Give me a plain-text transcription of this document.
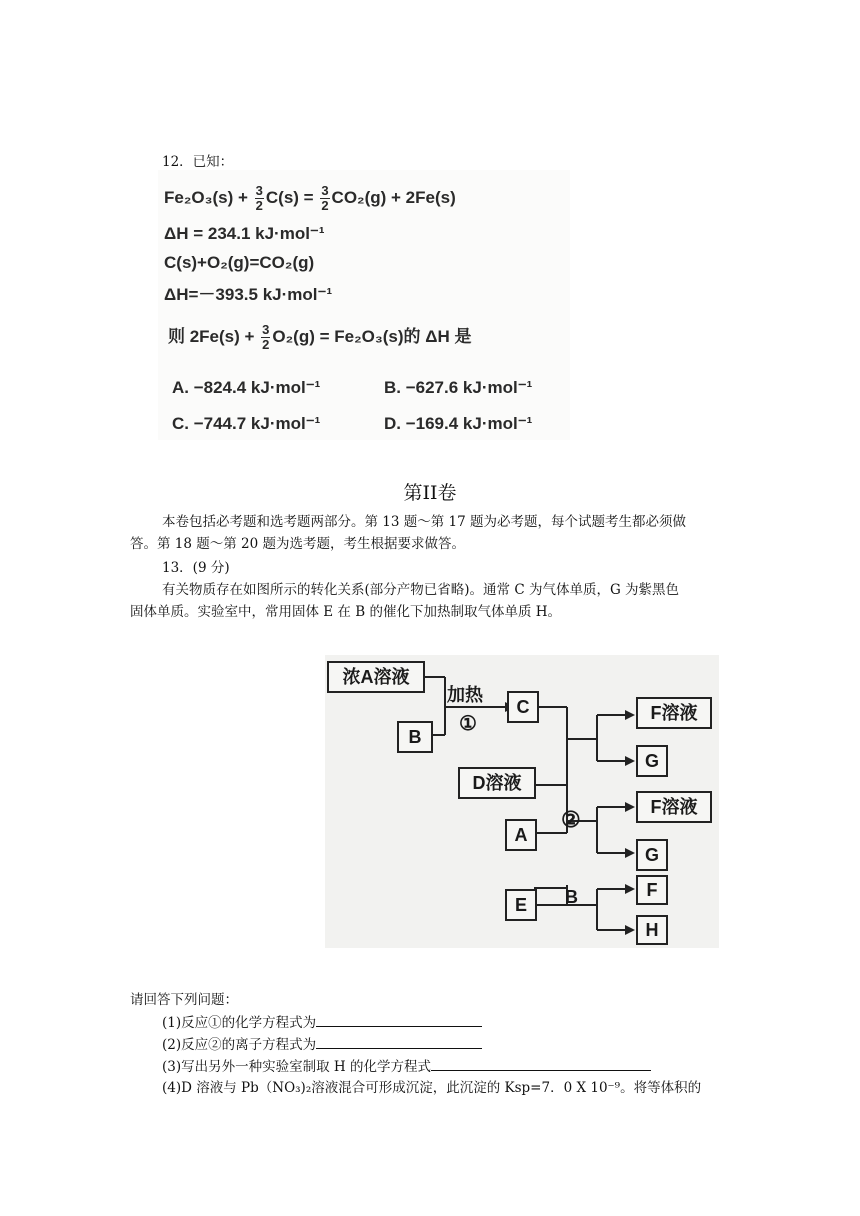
12．已知：
$Fe_2O_3(s) + \frac{3}{2} C(s) = \frac{3}{2} CO_2(g) + 2Fe(s)$
ΔH = 234.1 kJ·mol⁻¹
C(s)+O₂(g)=CO₂(g)
ΔH=－393.5 kJ·mol⁻¹
则 $2Fe(s) + \frac{3}{2} O_2(g) = Fe_2O_3(s)$的 ΔH 是
A. −824.4 kJ·mol⁻¹	B. −627.6 kJ·mol⁻¹
C. −744.7 kJ·mol⁻¹	D. −169.4 kJ·mol⁻¹
第II卷
本卷包括必考题和选考题两部分。第 13 题～第 17 题为必考题，每个试题考生都必须做
答。第 18 题～第 20 题为选考题，考生根据要求做答。
13．(9 分)
有关物质存在如图所示的转化关系(部分产物已省略)。通常 C 为气体单质，G 为紫黑色
固体单质。实验室中，常用固体 E 在 B 的催化下加热制取气体单质 H。
浓A溶液
B
加热
①
C
D溶液
②
A
E	B
F溶液
G
F溶液
G
F
H
请回答下列问题：
(1)反应①的化学方程式为
(2)反应②的离子方程式为
(3)写出另外一种实验室制取 H 的化学方程式
(4)D 溶液与 Pb（NO₃)₂溶液混合可形成沉淀，此沉淀的 Ksp=7．0 X 10⁻⁹。将等体积的
